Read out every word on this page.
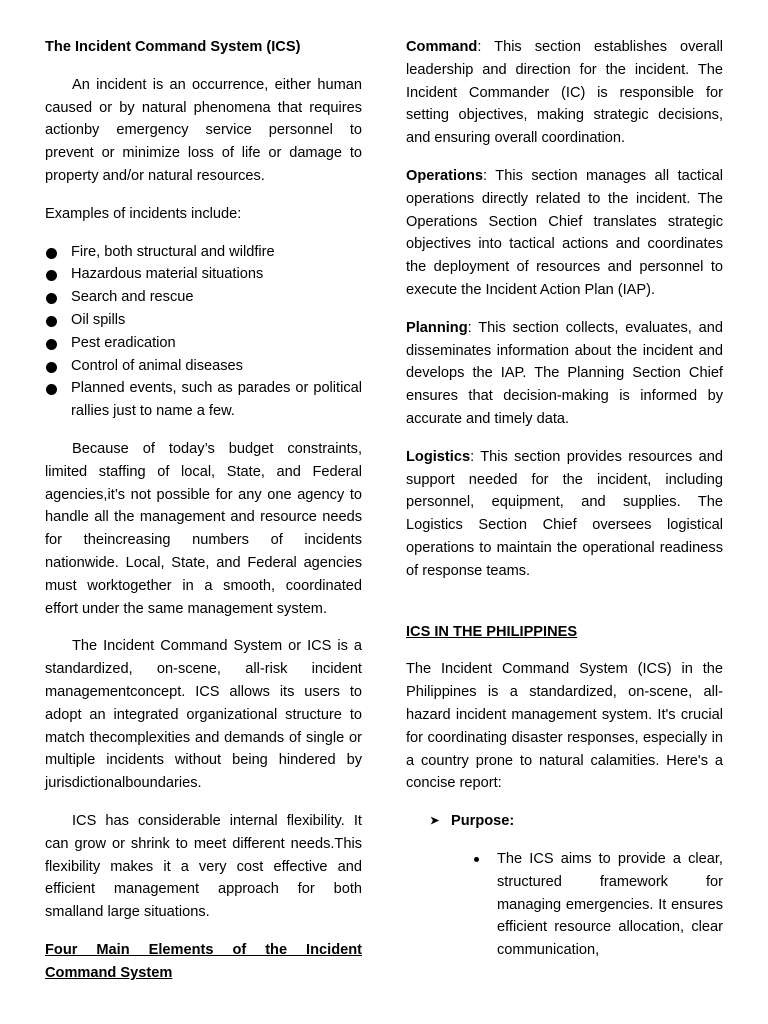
The Incident Command System (ICS)

An incident is an occurrence, either human caused or by natural phenomena that requires actionby emergency service personnel to prevent or minimize loss of life or damage to property and/or natural resources.

Examples of incidents include:

Fire, both structural and wildfire
Hazardous material situations
Search and rescue
Oil spills
Pest eradication
Control of animal diseases
Planned events, such as parades or political rallies just to name a few.

Because of today’s budget constraints, limited staffing of local, State, and Federal agencies,it’s not possible for any one agency to handle all the management and resource needs for theincreasing numbers of incidents nationwide. Local, State, and Federal agencies must worktogether in a smooth, coordinated effort under the same management system.

The Incident Command System or ICS is a standardized, on-scene, all-risk incident managementconcept. ICS allows its users to adopt an integrated organizational structure to match thecomplexities and demands of single or multiple incidents without being hindered by jurisdictionalboundaries.

ICS has considerable internal flexibility. It can grow or shrink to meet different needs.This flexibility makes it a very cost effective and efficient management approach for both smalland large situations.

Four Main Elements of the Incident Command System

Command: This section establishes overall leadership and direction for the incident. The Incident Commander (IC) is responsible for setting objectives, making strategic decisions, and ensuring overall coordination.

Operations: This section manages all tactical operations directly related to the incident. The Operations Section Chief translates strategic objectives into tactical actions and coordinates the deployment of resources and personnel to execute the Incident Action Plan (IAP).

Planning: This section collects, evaluates, and disseminates information about the incident and develops the IAP. The Planning Section Chief ensures that decision-making is informed by accurate and timely data.

Logistics: This section provides resources and support needed for the incident, including personnel, equipment, and supplies. The Logistics Section Chief oversees logistical operations to maintain the operational readiness of response teams.

ICS IN THE PHILIPPINES

The Incident Command System (ICS) in the Philippines is a standardized, on-scene, all-hazard incident management system. It's crucial for coordinating disaster responses, especially in a country prone to natural calamities. Here's a concise report:

➤ Purpose:

The ICS aims to provide a clear, structured framework for managing emergencies. It ensures efficient resource allocation, clear communication,
